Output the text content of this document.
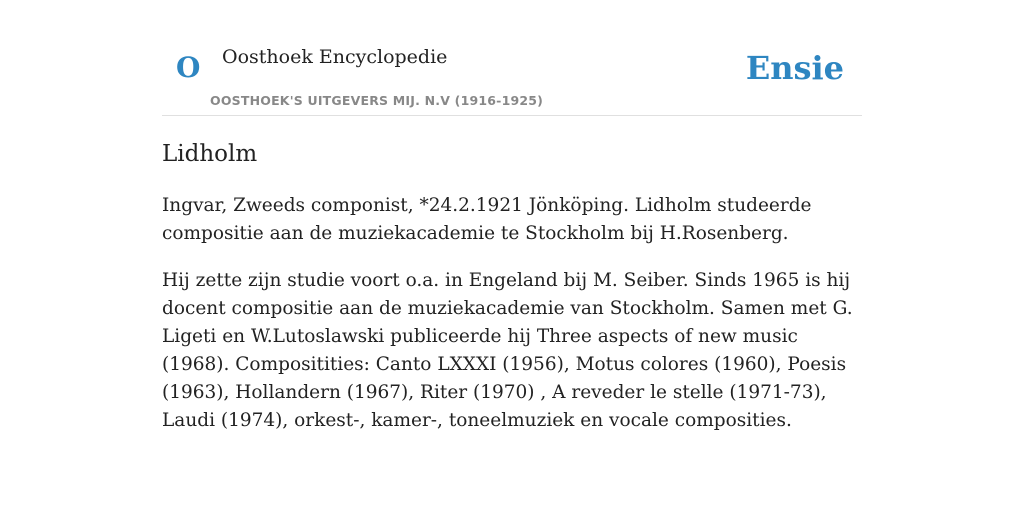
O Oosthoek Encyclopedie
OOSTHOEK'S UITGEVERS MIJ. N.V (1916-1925)
Ensie
Lidholm

Ingvar, Zweeds componist, *24.2.1921 Jönköping. Lidholm studeerde compositie aan de muziekacademie te Stockholm bij H.Rosenberg.

Hij zette zijn studie voort o.a. in Engeland bij M. Seiber. Sinds 1965 is hij docent compositie aan de muziekacademie van Stockholm. Samen met G. Ligeti en W.Lutoslawski publiceerde hij Three aspects of new music (1968). Compositities: Canto LXXXI (1956), Motus colores (1960), Poesis (1963), Hollandern (1967), Riter (1970) , A reveder le stelle (1971-73), Laudi (1974), orkest-, kamer-, toneelmuziek en vocale composities.
